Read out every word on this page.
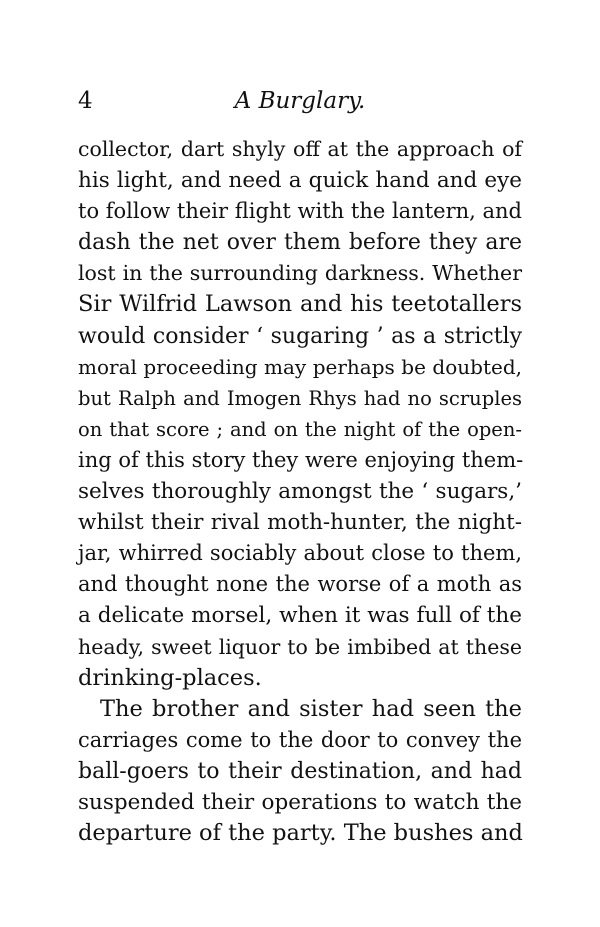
4	A Burglary.
collector, dart shyly off at the approach of
his light, and need a quick hand and eye
to follow their flight with the lantern, and
dash the net over them before they are
lost in the surrounding darkness. Whether
Sir Wilfrid Lawson and his teetotallers
would consider ‘ sugaring ’ as a strictly
moral proceeding may perhaps be doubted,
but Ralph and Imogen Rhys had no scruples
on that score ; and on the night of the open-
ing of this story they were enjoying them-
selves thoroughly amongst the ‘ sugars,’
whilst their rival moth-hunter, the night-
jar, whirred sociably about close to them,
and thought none the worse of a moth as
a delicate morsel, when it was full of the
heady, sweet liquor to be imbibed at these
drinking-places.
The brother and sister had seen the
carriages come to the door to convey the
ball-goers to their destination, and had
suspended their operations to watch the
departure of the party. The bushes and
